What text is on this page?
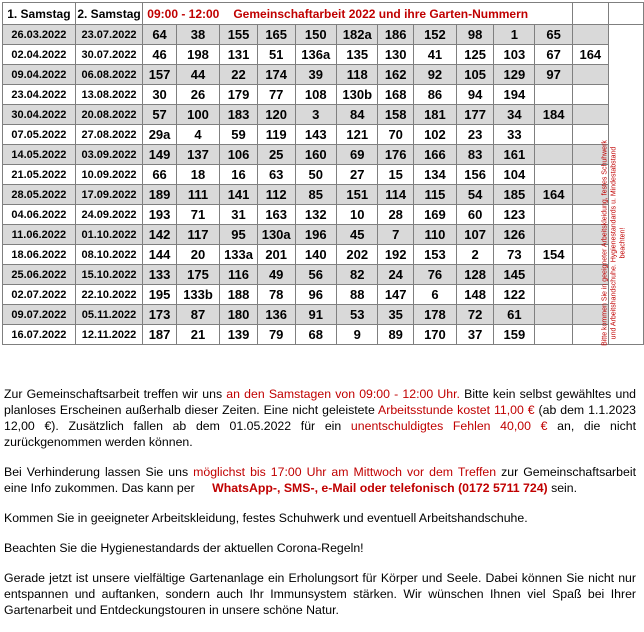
1. Samstag	2. Samstag	09:00 - 12:00 Gemeinschaftarbeit 2022 und ihre Garten-Nummern												
26.03.2022	23.07.2022	64	38	155	165	150	182a	186	152	98	1	65		
02.04.2022	30.07.2022	46	198	131	51	136a	135	130	41	125	103	67	164	
09.04.2022	06.08.2022	157	44	22	174	39	118	162	92	105	129	97		
23.04.2022	13.08.2022	30	26	179	77	108	130b	168	86	94	194			
30.04.2022	20.08.2022	57	100	183	120	3	84	158	181	177	34	184		
07.05.2022	27.08.2022	29a	4	59	119	143	121	70	102	23	33			
14.05.2022	03.09.2022	149	137	106	25	160	69	176	166	83	161			
21.05.2022	10.09.2022	66	18	16	63	50	27	15	134	156	104			
28.05.2022	17.09.2022	189	111	141	112	85	151	114	115	54	185	164		
04.06.2022	24.09.2022	193	71	31	163	132	10	28	169	60	123			
11.06.2022	01.10.2022	142	117	95	130a	196	45	7	110	107	126			
18.06.2022	08.10.2022	144	20	133a	201	140	202	192	153	2	73	154		
25.06.2022	15.10.2022	133	175	116	49	56	82	24	76	128	145			
02.07.2022	22.10.2022	195	133b	188	78	96	88	147	6	148	122			
09.07.2022	05.11.2022	173	87	180	136	91	53	35	178	72	61			
16.07.2022	12.11.2022	187	21	139	79	68	9	89	170	37	159				Bitte kommen Sie in geeigneter Arbeitskleidung, festes Schuhwerk und Arbeitshandschuhe. Hygienestandards u. Mindestabstand beachten!

Zur Gemeinschaftsarbeit treffen wir uns an den Samstagen von 09:00 - 12:00 Uhr. Bitte kein selbst gewähltes und planloses Erscheinen außerhalb dieser Zeiten. Eine nicht geleistete Arbeitsstunde kostet 11,00 € (ab dem 1.1.2023 12,00 €). Zusätzlich fallen ab dem 01.05.2022 für ein unentschuldigtes Fehlen 40,00 € an, die nicht zurückgenommen werden können.

Bei Verhinderung lassen Sie uns möglichst bis 17:00 Uhr am Mittwoch vor dem Treffen zur Gemeinschaftsarbeit eine Info zukommen. Das kann per WhatsApp-, SMS-, e-Mail oder telefonisch (0172 5711 724) sein.

Kommen Sie in geeigneter Arbeitskleidung, festes Schuhwerk und eventuell Arbeitshandschuhe.

Beachten Sie die Hygienestandards der aktuellen Corona-Regeln!

Gerade jetzt ist unsere vielfältige Gartenanlage ein Erholungsort für Körper und Seele. Dabei können Sie nicht nur entspannen und auftanken, sondern auch Ihr Immunsystem stärken. Wir wünschen Ihnen viel Spaß bei Ihrer Gartenarbeit und Entdeckungstouren in unsere schöne Natur.
